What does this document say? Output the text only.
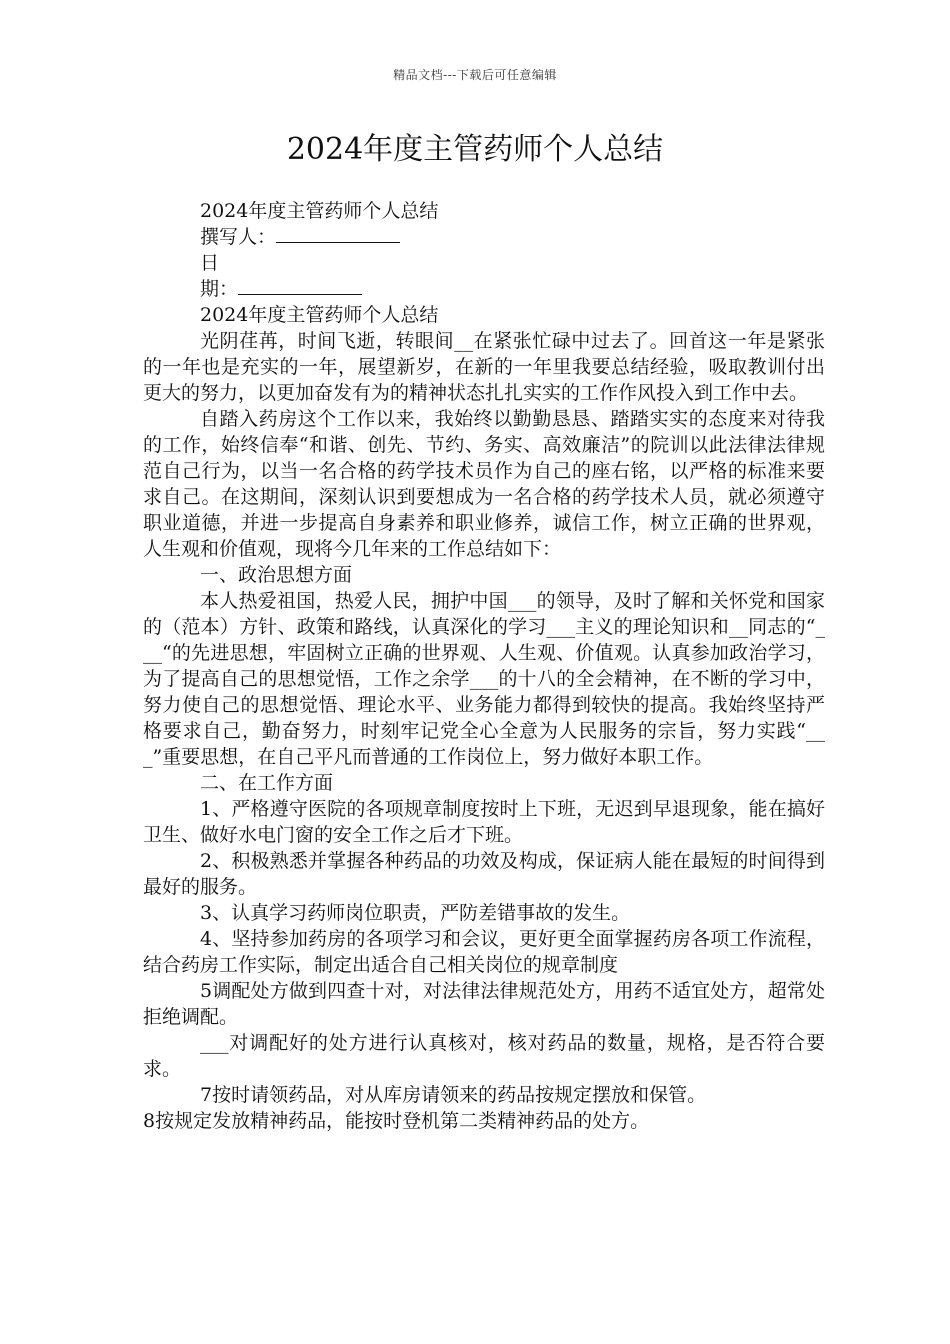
精品文档---下载后可任意编辑
2024年度主管药师个人总结
2024年度主管药师个人总结
撰写人：
日
期：
2024年度主管药师个人总结

光阴荏苒，时间飞逝，转眼间__在紧张忙碌中过去了。回首这一年是紧张的一年也是充实的一年，展望新岁，在新的一年里我要总结经验，吸取教训付出更大的努力，以更加奋发有为的精神状态扎扎实实的工作作风投入到工作中去。

自踏入药房这个工作以来，我始终以勤勤恳恳、踏踏实实的态度来对待我的工作，始终信奉“和谐、创先、节约、务实、高效廉洁”的院训以此法律法律规范自己行为，以当一名合格的药学技术员作为自己的座右铭，以严格的标准来要求自己。在这期间，深刻认识到要想成为一名合格的药学技术人员，就必须遵守职业道德，并进一步提高自身素养和职业修养，诚信工作，树立正确的世界观，人生观和价值观，现将今几年来的工作总结如下：

一、政治思想方面

本人热爱祖国，热爱人民，拥护中国___的领导，及时了解和关怀党和国家的（范本）方针、政策和路线，认真深化的学习___主义的理论知识和__同志的“___“的先进思想，牢固树立正确的世界观、人生观、价值观。认真参加政治学习，为了提高自己的思想觉悟，工作之余学___的十八的全会精神，在不断的学习中，努力使自己的思想觉悟、理论水平、业务能力都得到较快的提高。我始终坚持严格要求自己，勤奋努力，时刻牢记党全心全意为人民服务的宗旨，努力实践“___”重要思想，在自己平凡而普通的工作岗位上，努力做好本职工作。

二、在工作方面

1、严格遵守医院的各项规章制度按时上下班，无迟到早退现象，能在搞好卫生、做好水电门窗的安全工作之后才下班。

2、积极熟悉并掌握各种药品的功效及构成，保证病人能在最短的时间得到最好的服务。

3、认真学习药师岗位职责，严防差错事故的发生。

4、坚持参加药房的各项学习和会议，更好更全面掌握药房各项工作流程，结合药房工作实际，制定出适合自己相关岗位的规章制度

5调配处方做到四查十对，对法律法律规范处方，用药不适宜处方，超常处拒绝调配。

___对调配好的处方进行认真核对，核对药品的数量，规格，是否符合要求。

7按时请领药品，对从库房请领来的药品按规定摆放和保管。

8按规定发放精神药品，能按时登机第二类精神药品的处方。
